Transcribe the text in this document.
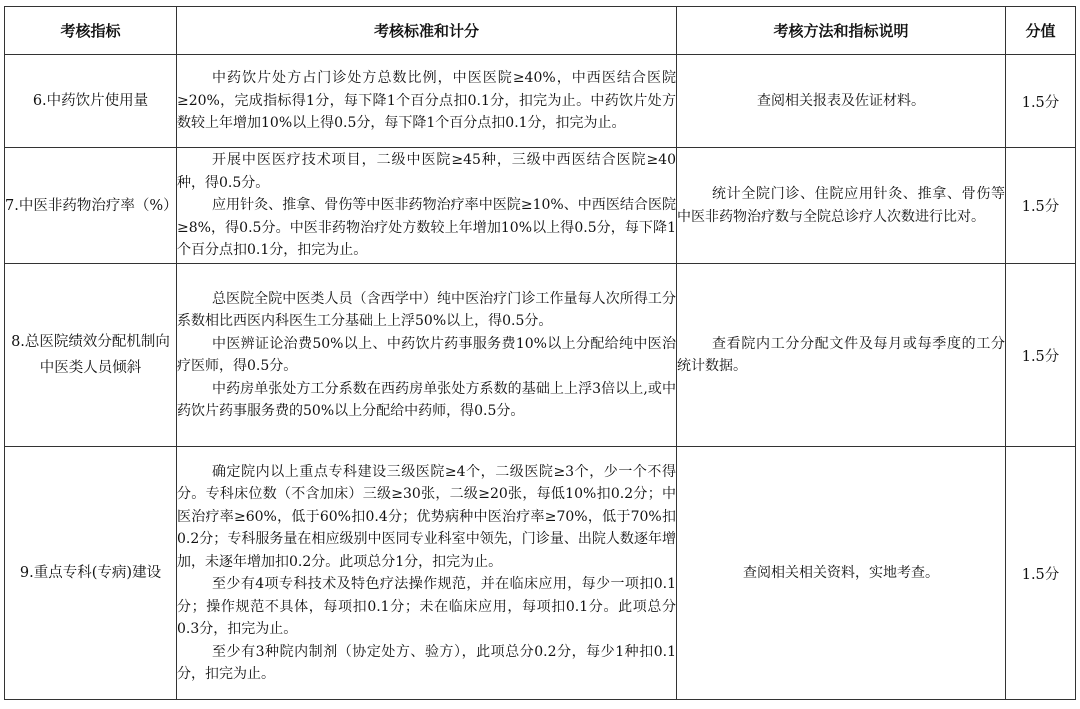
考核指标	考核标准和计分	考核方法和指标说明	分值
6.中药饮片使用量	中药饮片处方占门诊处方总数比例，中医医院≥40%，中西医结合医院≥20%，完成指标得1分，每下降1个百分点扣0.1分，扣完为止。中药饮片处方数较上年增加10%以上得0.5分，每下降1个百分点扣0.1分，扣完为止。	查阅相关报表及佐证材料。	1.5分
7.中医非药物治疗率（%）	开展中医医疗技术项目，二级中医院≥45种，三级中西医结合医院≥40种，得0.5分。

应用针灸、推拿、骨伤等中医非药物治疗率中医院≥10%、中西医结合医院≥8%，得0.5分。中医非药物治疗处方数较上年增加10%以上得0.5分，每下降1个百分点扣0.1分，扣完为止。	统计全院门诊、住院应用针灸、推拿、骨伤等中医非药物治疗数与全院总诊疗人次数进行比对。	1.5分
8.总医院绩效分配机制向中医类人员倾斜	总医院全院中医类人员（含西学中）纯中医治疗门诊工作量每人次所得工分系数相比西医内科医生工分基础上上浮50%以上，得0.5分。

中医辨证论治费50%以上、中药饮片药事服务费10%以上分配给纯中医治疗医师，得0.5分。

中药房单张处方工分系数在西药房单张处方系数的基础上上浮3倍以上,或中药饮片药事服务费的50%以上分配给中药师，得0.5分。	查看院内工分分配文件及每月或每季度的工分统计数据。	1.5分
9.重点专科(专病)建设	确定院内以上重点专科建设三级医院≥4个，二级医院≥3个，少一个不得分。专科床位数（不含加床）三级≥30张，二级≥20张，每低10%扣0.2分；中医治疗率≥60%，低于60%扣0.4分；优势病种中医治疗率≥70%，低于70%扣0.2分；专科服务量在相应级别中医同专业科室中领先，门诊量、出院人数逐年增加，未逐年增加扣0.2分。此项总分1分，扣完为止。

至少有4项专科技术及特色疗法操作规范，并在临床应用，每少一项扣0.1分；操作规范不具体，每项扣0.1分；未在临床应用，每项扣0.1分。此项总分0.3分，扣完为止。

至少有3种院内制剂（协定处方、验方），此项总分0.2分，每少1种扣0.1分，扣完为止。	查阅相关相关资料，实地考查。	1.5分
